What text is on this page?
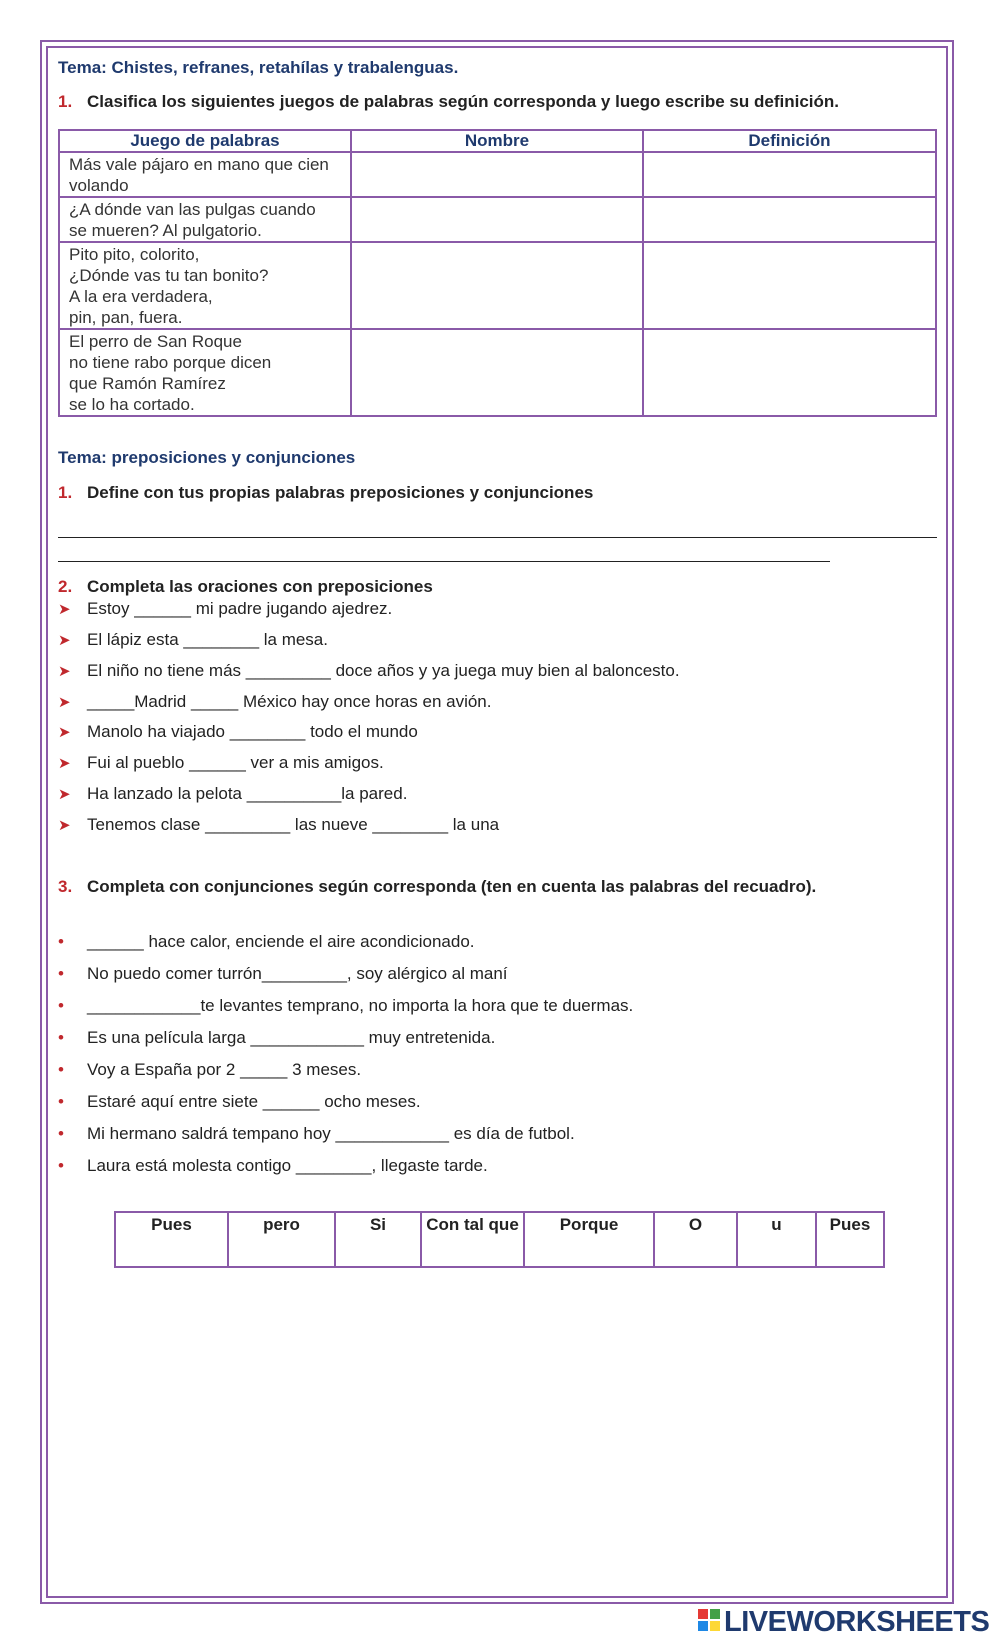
Tema: Chistes, refranes, retahílas y trabalenguas.
1. Clasifica los siguientes juegos de palabras según corresponda y luego escribe su definición.
Juego de palabras	Nombre	Definición

Más vale pájaro en mano que cien
volando		

¿A dónde van las pulgas cuando
se mueren? Al pulgatorio.		

Pito pito, colorito,
¿Dónde vas tu tan bonito?
A la era verdadera,
pin, pan, fuera.		

El perro de San Roque
no tiene rabo porque dicen
que Ramón Ramírez
se lo ha cortado.		

Tema: preposiciones y conjunciones
1. Define con tus propias palabras preposiciones y conjunciones
2. Completa las oraciones con preposiciones
➤ Estoy ______ mi padre jugando ajedrez.
➤ El lápiz esta ________ la mesa.
➤ El niño no tiene más _________ doce años y ya juega muy bien al baloncesto.
➤ _____Madrid _____ México hay once horas en avión.
➤ Manolo ha viajado ________ todo el mundo
➤ Fui al pueblo ______ ver a mis amigos.
➤ Ha lanzado la pelota __________la pared.
➤ Tenemos clase _________ las nueve ________ la una
3. Completa con conjunciones según corresponda (ten en cuenta las palabras del recuadro).
• ______ hace calor, enciende el aire acondicionado.
• No puedo comer turrón_________, soy alérgico al maní
• ____________te levantes temprano, no importa la hora que te duermas.
• Es una película larga ____________ muy entretenida.
• Voy a España por 2 _____ 3 meses.
• Estaré aquí entre siete ______ ocho meses.
• Mi hermano saldrá tempano hoy ____________ es día de futbol.
• Laura está molesta contigo ________, llegaste tarde.
Pues	pero	Si	Con tal que	Porque	O	u	Pues
LIVEWORKSHEETS
